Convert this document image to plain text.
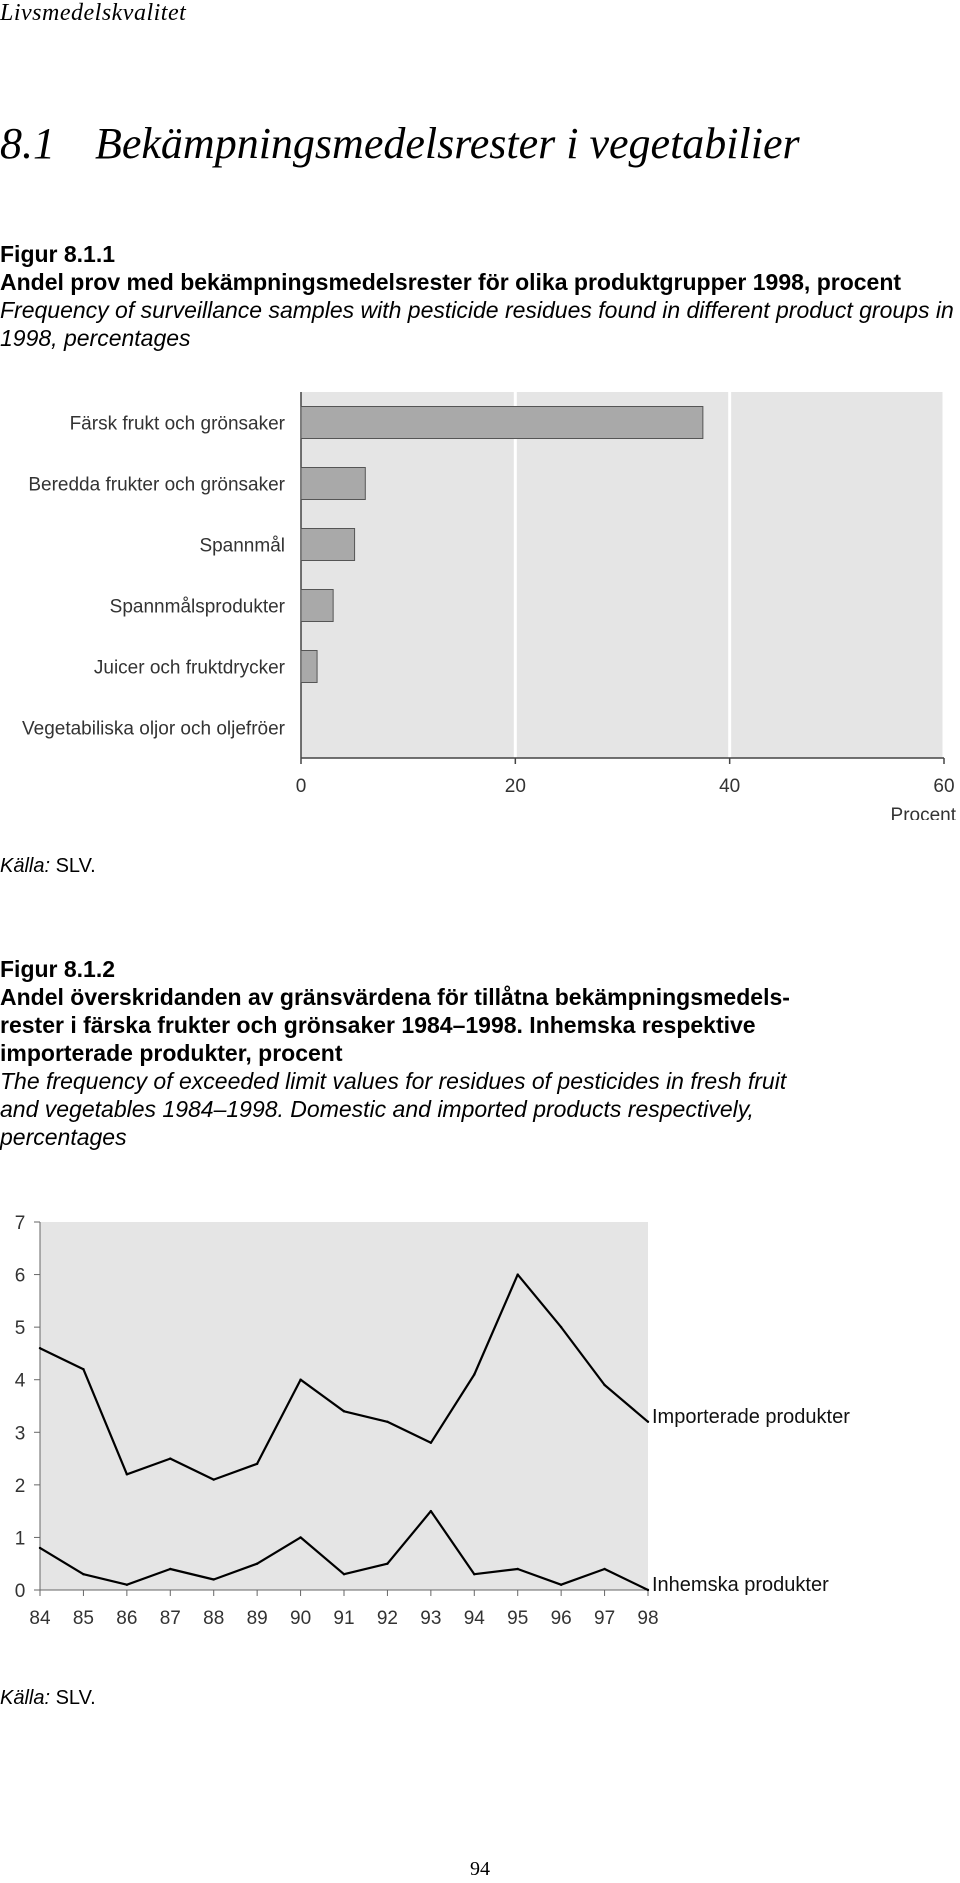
Livsmedelskvalitet
8.1 Bekämpningsmedelsrester i vegetabilier
Figur 8.1.1
Andel prov med bekämpningsmedelsrester för olika produktgrupper 1998, procent
Frequency of surveillance samples with pesticide residues found in different product groups in 1998, percentages
0	20	40	60
Procent
Färsk frukt och grönsaker
Beredda frukter och grönsaker
Spannmål
Spannmålsprodukter
Juicer och fruktdrycker
Vegetabiliska oljor och oljefröer
Källa: SLV.
Figur 8.1.2
Andel överskridanden av gränsvärdena för tillåtna bekämpningsmedels-
rester i färska frukter och grönsaker 1984–1998. Inhemska respektive
importerade produkter, procent
The frequency of exceeded limit values for residues of pesticides in fresh fruit
and vegetables 1984–1998. Domestic and imported products respectively,
percentages
0
1
2
3
4
5
6
7
84 85 86 87 88 89 90 91 92 93 94 95 96 97 98
Importerade produkter
Inhemska produkter
Källa: SLV.
94
